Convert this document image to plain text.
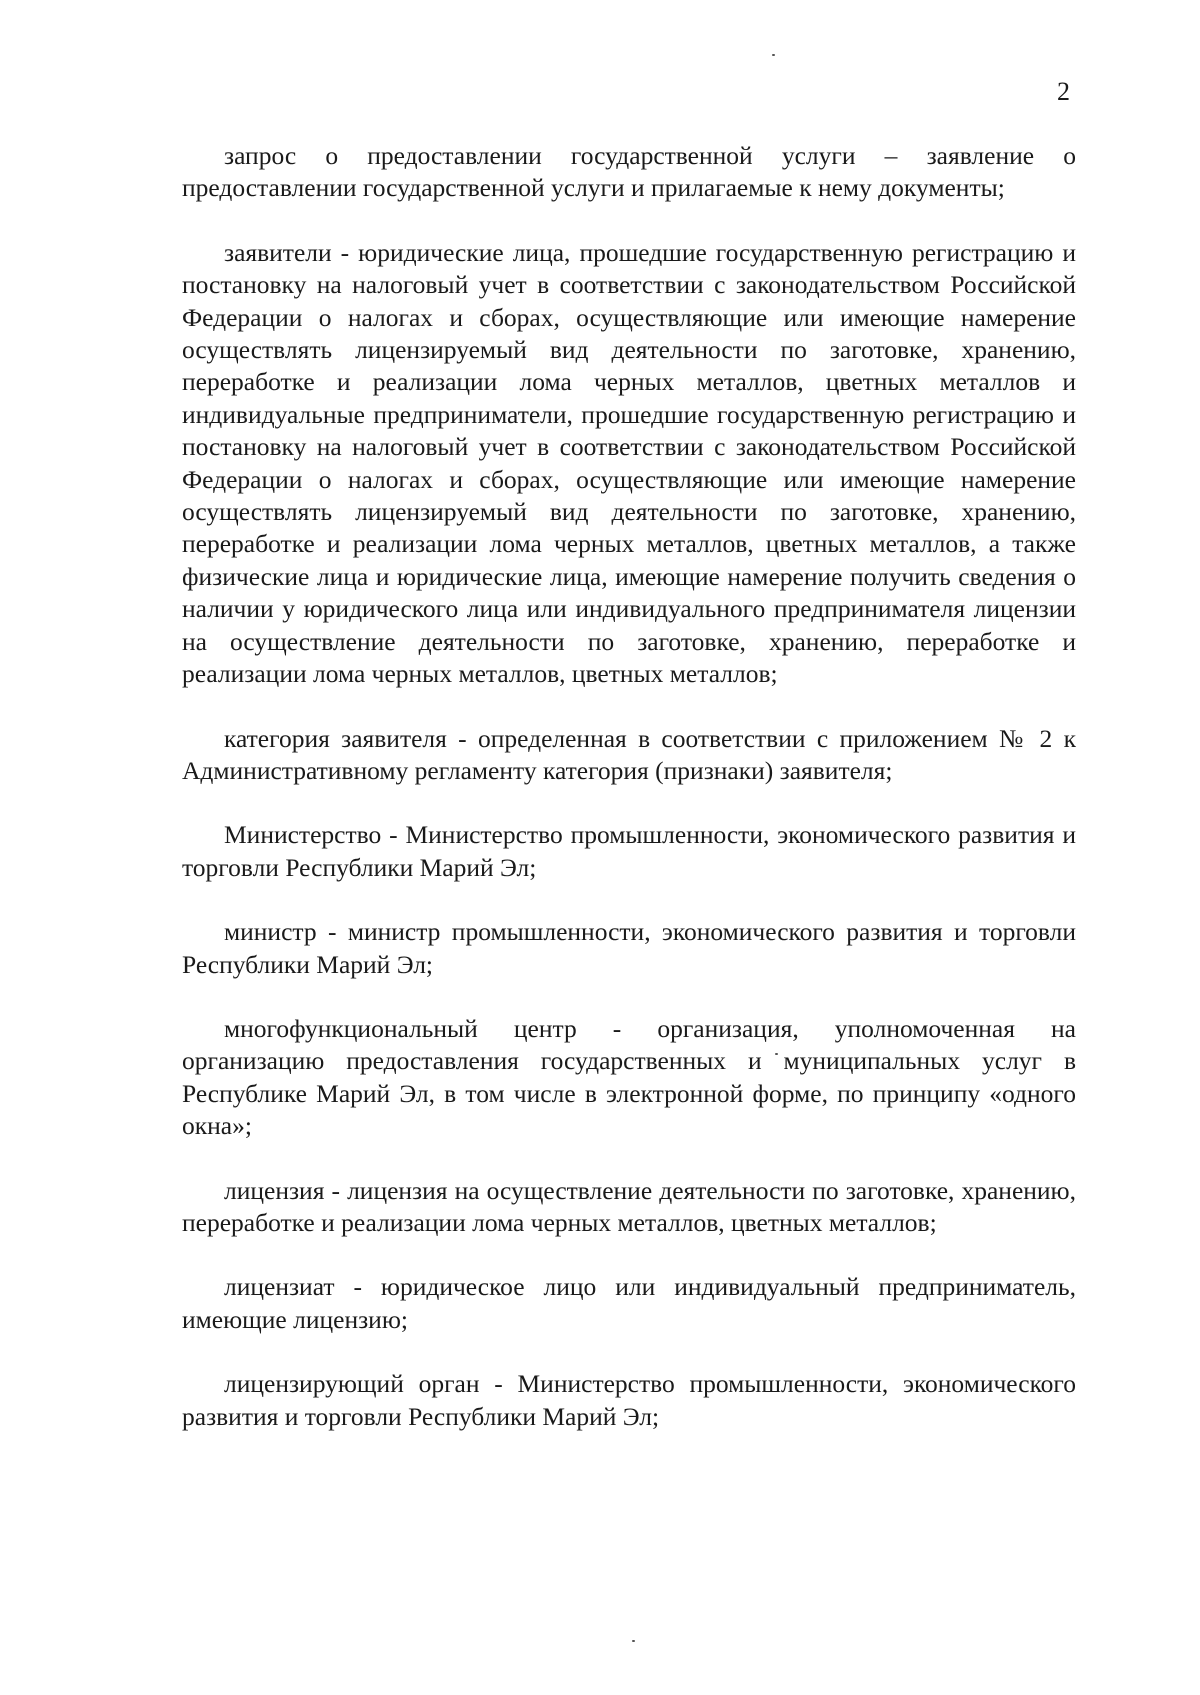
2

запрос о предоставлении государственной услуги – заявление о предоставлении государственной услуги и прилагаемые к нему документы;

заявители - юридические лица, прошедшие государственную регистрацию и постановку на налоговый учет в соответствии с законодательством Российской Федерации о налогах и сборах, осуществляющие или имеющие намерение осуществлять лицензируемый вид деятельности по заготовке, хранению, переработке и реализации лома черных металлов, цветных металлов и индивидуальные предприниматели, прошедшие государственную регистрацию и постановку на налоговый учет в соответствии с законодательством Российской Федерации о налогах и сборах, осуществляющие или имеющие намерение осуществлять лицензируемый вид деятельности по заготовке, хранению, переработке и реализации лома черных металлов, цветных металлов, а также физические лица и юридические лица, имеющие намерение получить сведения о наличии у юридического лица или индивидуального предпринимателя лицензии на осуществление деятельности по заготовке, хранению, переработке и реализации лома черных металлов, цветных металлов;

категория заявителя - определенная в соответствии с приложением № 2 к Административному регламенту категория (признаки) заявителя;

Министерство - Министерство промышленности, экономического развития и торговли Республики Марий Эл;

министр - министр промышленности, экономического развития и торговли Республики Марий Эл;

многофункциональный центр - организация, уполномоченная на организацию предоставления государственных и муниципальных услуг в Республике Марий Эл, в том числе в электронной форме, по принципу «одного окна»;

лицензия - лицензия на осуществление деятельности по заготовке, хранению, переработке и реализации лома черных металлов, цветных металлов;

лицензиат - юридическое лицо или индивидуальный предприниматель, имеющие лицензию;

лицензирующий орган - Министерство промышленности, экономического развития и торговли Республики Марий Эл;
